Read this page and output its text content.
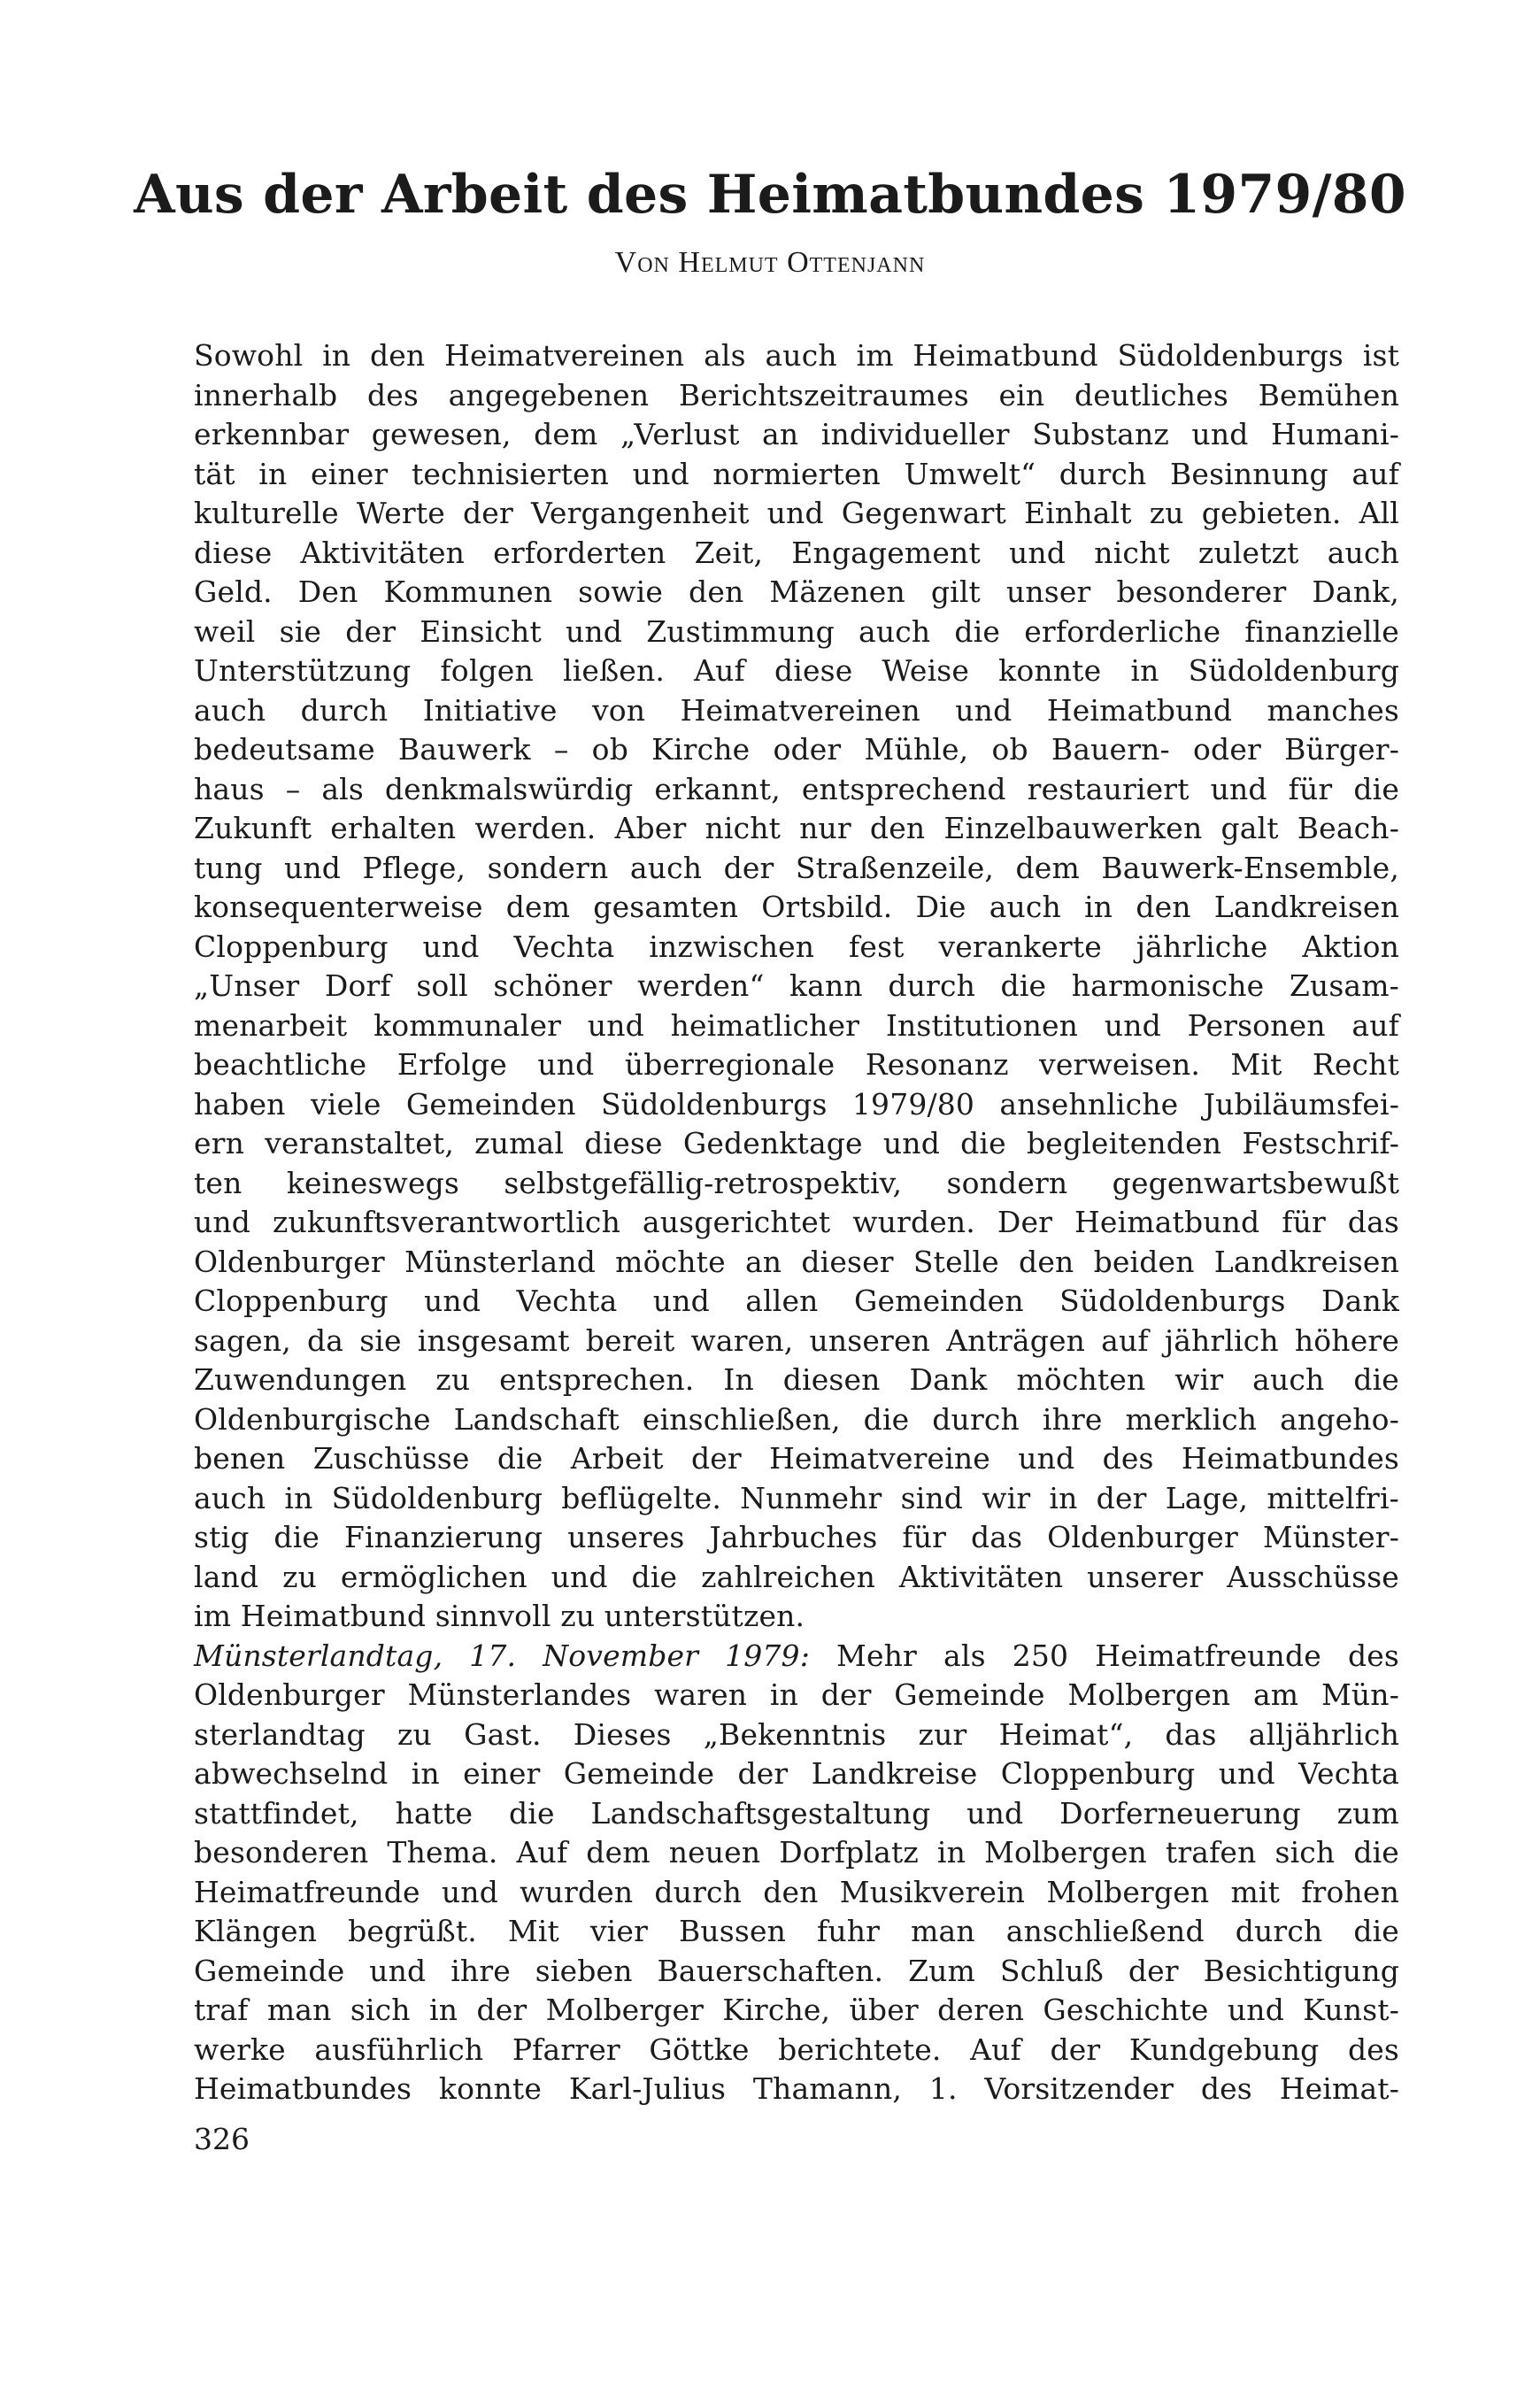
Aus der Arbeit des Heimatbundes 1979/80
Von Helmut Ottenjann
Sowohl in den Heimatvereinen als auch im Heimatbund Südoldenburgs ist
innerhalb des angegebenen Berichtszeitraumes ein deutliches Bemühen
erkennbar gewesen, dem „Verlust an individueller Substanz und Humani-
tät in einer technisierten und normierten Umwelt“ durch Besinnung auf
kulturelle Werte der Vergangenheit und Gegenwart Einhalt zu gebieten. All
diese Aktivitäten erforderten Zeit, Engagement und nicht zuletzt auch
Geld. Den Kommunen sowie den Mäzenen gilt unser besonderer Dank,
weil sie der Einsicht und Zustimmung auch die erforderliche finanzielle
Unterstützung folgen ließen. Auf diese Weise konnte in Südoldenburg
auch durch Initiative von Heimatvereinen und Heimatbund manches
bedeutsame Bauwerk – ob Kirche oder Mühle, ob Bauern- oder Bürger-
haus – als denkmalswürdig erkannt, entsprechend restauriert und für die
Zukunft erhalten werden. Aber nicht nur den Einzelbauwerken galt Beach-
tung und Pflege, sondern auch der Straßenzeile, dem Bauwerk-Ensemble,
konsequenterweise dem gesamten Ortsbild. Die auch in den Landkreisen
Cloppenburg und Vechta inzwischen fest verankerte jährliche Aktion
„Unser Dorf soll schöner werden“ kann durch die harmonische Zusam-
menarbeit kommunaler und heimatlicher Institutionen und Personen auf
beachtliche Erfolge und überregionale Resonanz verweisen. Mit Recht
haben viele Gemeinden Südoldenburgs 1979/80 ansehnliche Jubiläumsfei-
ern veranstaltet, zumal diese Gedenktage und die begleitenden Festschrif-
ten keineswegs selbstgefällig-retrospektiv, sondern gegenwartsbewußt
und zukunftsverantwortlich ausgerichtet wurden. Der Heimatbund für das
Oldenburger Münsterland möchte an dieser Stelle den beiden Landkreisen
Cloppenburg und Vechta und allen Gemeinden Südoldenburgs Dank
sagen, da sie insgesamt bereit waren, unseren Anträgen auf jährlich höhere
Zuwendungen zu entsprechen. In diesen Dank möchten wir auch die
Oldenburgische Landschaft einschließen, die durch ihre merklich angeho-
benen Zuschüsse die Arbeit der Heimatvereine und des Heimatbundes
auch in Südoldenburg beflügelte. Nunmehr sind wir in der Lage, mittelfri-
stig die Finanzierung unseres Jahrbuches für das Oldenburger Münster-
land zu ermöglichen und die zahlreichen Aktivitäten unserer Ausschüsse
im Heimatbund sinnvoll zu unterstützen.
Münsterlandtag, 17. November 1979: Mehr als 250 Heimatfreunde des
Oldenburger Münsterlandes waren in der Gemeinde Molbergen am Mün-
sterlandtag zu Gast. Dieses „Bekenntnis zur Heimat“, das alljährlich
abwechselnd in einer Gemeinde der Landkreise Cloppenburg und Vechta
stattfindet, hatte die Landschaftsgestaltung und Dorferneuerung zum
besonderen Thema. Auf dem neuen Dorfplatz in Molbergen trafen sich die
Heimatfreunde und wurden durch den Musikverein Molbergen mit frohen
Klängen begrüßt. Mit vier Bussen fuhr man anschließend durch die
Gemeinde und ihre sieben Bauerschaften. Zum Schluß der Besichtigung
traf man sich in der Molberger Kirche, über deren Geschichte und Kunst-
werke ausführlich Pfarrer Göttke berichtete. Auf der Kundgebung des
Heimatbundes konnte Karl-Julius Thamann, 1. Vorsitzender des Heimat-
326
